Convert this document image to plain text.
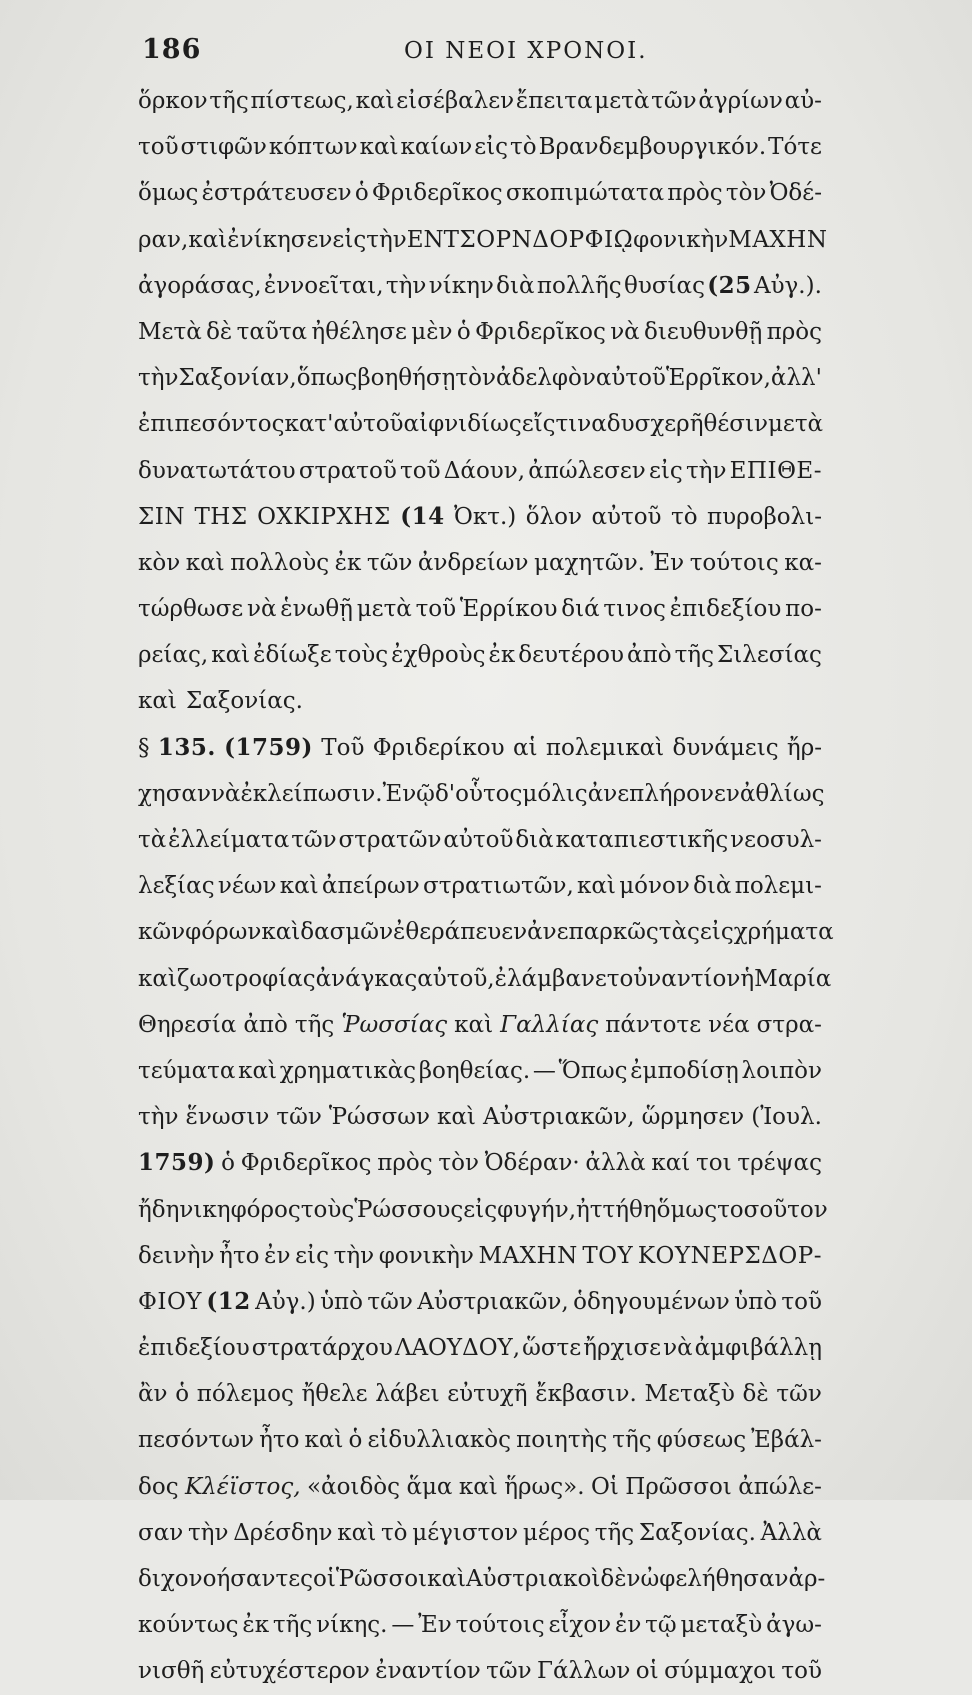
186	ΟΙ ΝΕΟΙ ΧΡΟΝΟΙ.
ὅρκον τῆς πίστεως, καὶ εἰσέβαλεν ἔπειτα μετὰ τῶν ἀγρίων αὐ-
τοῦ στιφῶν κόπτων καὶ καίων εἰς τὸ Βρανδεμβουργικόν. Τότε
ὅμως ἐστράτευσεν ὁ Φριδερῖκος σκοπιμώτατα πρὸς τὸν Ὀδέ-
ραν, καὶ ἐνίκησεν εἰς τὴν ΕΝ ΤΣΟΡΝΔΟΡΦΙῼ φονικὴν ΜΑΧΗΝ
ἀγοράσας, ἐννοεῖται, τὴν νίκην διὰ πολλῆς θυσίας (25 Αὐγ.).
Μετὰ δὲ ταῦτα ἠθέλησε μὲν ὁ Φριδερῖκος νὰ διευθυνθῇ πρὸς
τὴν Σαξονίαν, ὅπως βοηθήσῃ τὸν ἀδελφὸν αὐτοῦ Ἑρρῖκον, ἀλλ'
ἐπιπεσόντος κατ' αὐτοῦ αἰφνιδίως εἴς τινα δυσχερῆ θέσιν μετὰ
δυνατωτάτου στρατοῦ τοῦ Δάουν, ἀπώλεσεν εἰς τὴν ΕΠΙΘΕ-
ΣΙΝ ΤΗΣ ΟΧΚΙΡΧΗΣ (14 Ὀκτ.) ὅλον αὐτοῦ τὸ πυροβολι-
κὸν καὶ πολλοὺς ἐκ τῶν ἀνδρείων μαχητῶν. Ἐν τούτοις κα-
τώρθωσε νὰ ἑνωθῇ μετὰ τοῦ Ἑρρίκου διά τινος ἐπιδεξίου πο-
ρείας, καὶ ἐδίωξε τοὺς ἐχθροὺς ἐκ δευτέρου ἀπὸ τῆς Σιλεσίας
καὶ Σαξονίας.
§ 135. (1759) Τοῦ Φριδερίκου αἱ πολεμικαὶ δυνάμεις ἤρ-
χησαν νὰ ἐκλείπωσιν. Ἐνῷ δ' οὗτος μόλις ἀνεπλήρονεν ἀθλίως
τὰ ἐλλείματα τῶν στρατῶν αὐτοῦ διὰ καταπιεστικῆς νεοσυλ-
λεξίας νέων καὶ ἀπείρων στρατιωτῶν, καὶ μόνον διὰ πολεμι-
κῶν φόρων καὶ δασμῶν ἐθεράπευεν ἀνεπαρκῶς τὰς εἰς χρήματα
καὶ ζωοτροφίας ἀνάγκας αὐτοῦ, ἐλάμβανε τοὐναντίον ἡ Μαρία
Θηρεσία ἀπὸ τῆς Ῥωσσίας καὶ Γαλλίας πάντοτε νέα στρα-
τεύματα καὶ χρηματικὰς βοηθείας. — Ὅπως ἐμποδίσῃ λοιπὸν
τὴν ἕνωσιν τῶν Ῥώσσων καὶ Αὐστριακῶν, ὥρμησεν (Ἰουλ.
1759) ὁ Φριδερῖκος πρὸς τὸν Ὀδέραν· ἀλλὰ καί τοι τρέψας
ἤδη νικηφόρος τοὺς Ῥώσσους εἰς φυγήν, ἠττήθη ὅμως τοσοῦτον
δεινὴν ἦτο ἐν εἰς τὴν φονικὴν ΜΑΧΗΝ ΤΟΥ ΚΟΥΝΕΡΣΔΟΡ-
ΦΙΟΥ (12 Αὐγ.) ὑπὸ τῶν Αὐστριακῶν, ὁδηγουμένων ὑπὸ τοῦ
ἐπιδεξίου στρατάρχου ΛΑΟΥΔΟΥ, ὥστε ἤρχισε νὰ ἀμφιβάλλῃ
ἂν ὁ πόλεμος ἤθελε λάβει εὐτυχῆ ἔκβασιν. Μεταξὺ δὲ τῶν
πεσόντων ἦτο καὶ ὁ εἰδυλλιακὸς ποιητὴς τῆς φύσεως Ἐβάλ-
δος Κλέϊστος, «ἀοιδὸς ἅμα καὶ ἥρως». Οἱ Πρῶσσοι ἀπώλε-
σαν τὴν Δρέσδην καὶ τὸ μέγιστον μέρος τῆς Σαξονίας. Ἀλλὰ
διχονοήσαντες οἱ Ῥῶσσοι καὶ Αὐστριακοὶ δὲν ὠφελήθησαν ἀρ-
κούντως ἐκ τῆς νίκης. — Ἐν τούτοις εἶχον ἐν τῷ μεταξὺ ἀγω-
νισθῆ εὐτυχέστερον ἐναντίον τῶν Γάλλων οἱ σύμμαχοι τοῦ
